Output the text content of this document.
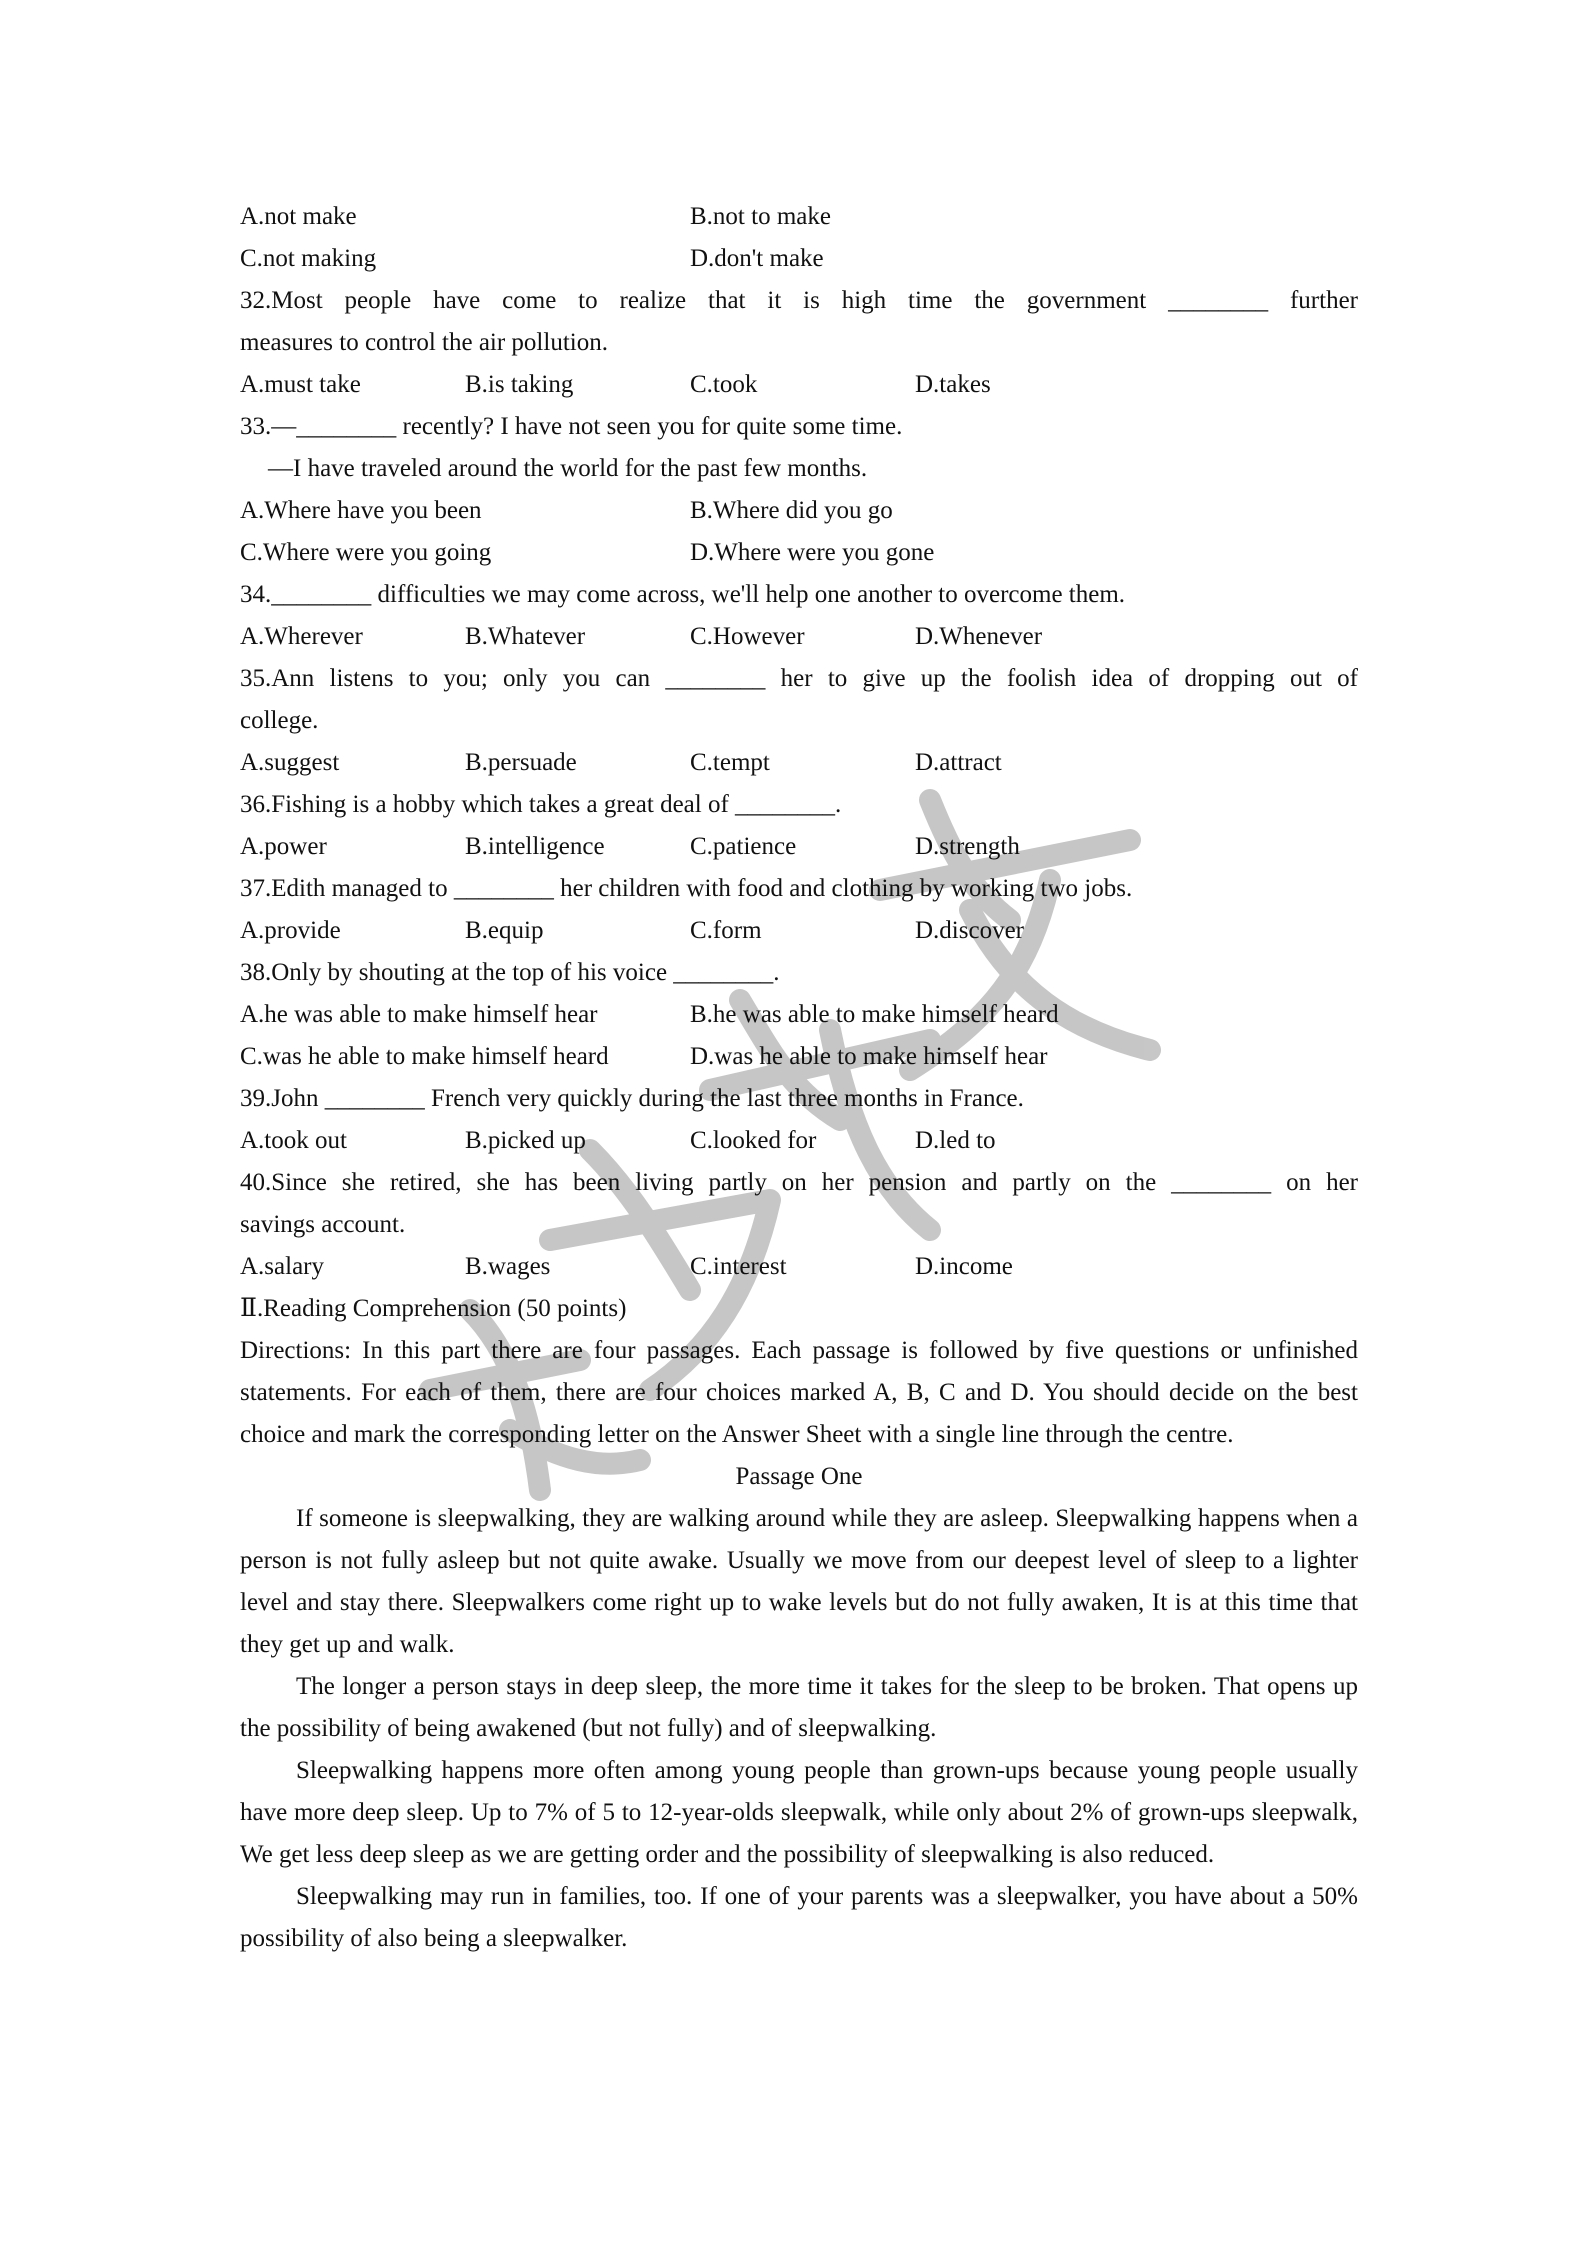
A.not make	B.not to make
C.not making	D.don't make

32.Most people have come to realize that it is high time the government ________ further

measures to control the air pollution.

A.must take	B.is taking	C.took	D.takes

33.—________ recently? I have not seen you for quite some time.

—I have traveled around the world for the past few months.

A.Where have you been	B.Where did you go
C.Where were you going	D.Where were you gone

34.________ difficulties we may come across, we'll help one another to overcome them.

A.Wherever	B.Whatever	C.However	D.Whenever

35.Ann listens to you; only you can ________ her to give up the foolish idea of dropping out of

college.

A.suggest	B.persuade	C.tempt	D.attract

36.Fishing is a hobby which takes a great deal of ________.

A.power	B.intelligence	C.patience	D.strength

37.Edith managed to ________ her children with food and clothing by working two jobs.

A.provide	B.equip	C.form	D.discover

38.Only by shouting at the top of his voice ________.

A.he was able to make himself hear	B.he was able to make himself heard
C.was he able to make himself heard	D.was he able to make himself hear

39.John ________ French very quickly during the last three months in France.

A.took out	B.picked up	C.looked for	D.led to

40.Since she retired, she has been living partly on her pension and partly on the ________ on her

savings account.

A.salary	B.wages	C.interest	D.income

Ⅱ.Reading Comprehension (50 points)

Directions: In this part there are four passages. Each passage is followed by five questions or unfinished statements. For each of them, there are four choices marked A, B, C and D. You should decide on the best choice and mark the corresponding letter on the Answer Sheet with a single line through the centre.

Passage One

If someone is sleepwalking, they are walking around while they are asleep. Sleepwalking happens when a person is not fully asleep but not quite awake. Usually we move from our deepest level of sleep to a lighter level and stay there. Sleepwalkers come right up to wake levels but do not fully awaken, It is at this time that they get up and walk.

The longer a person stays in deep sleep, the more time it takes for the sleep to be broken. That opens up the possibility of being awakened (but not fully) and of sleepwalking.

Sleepwalking happens more often among young people than grown-ups because young people usually have more deep sleep. Up to 7% of 5 to 12-year-olds sleepwalk, while only about 2% of grown-ups sleepwalk, We get less deep sleep as we are getting order and the possibility of sleepwalking is also reduced.

Sleepwalking may run in families, too. If one of your parents was a sleepwalker, you have about a 50% possibility of also being a sleepwalker.
